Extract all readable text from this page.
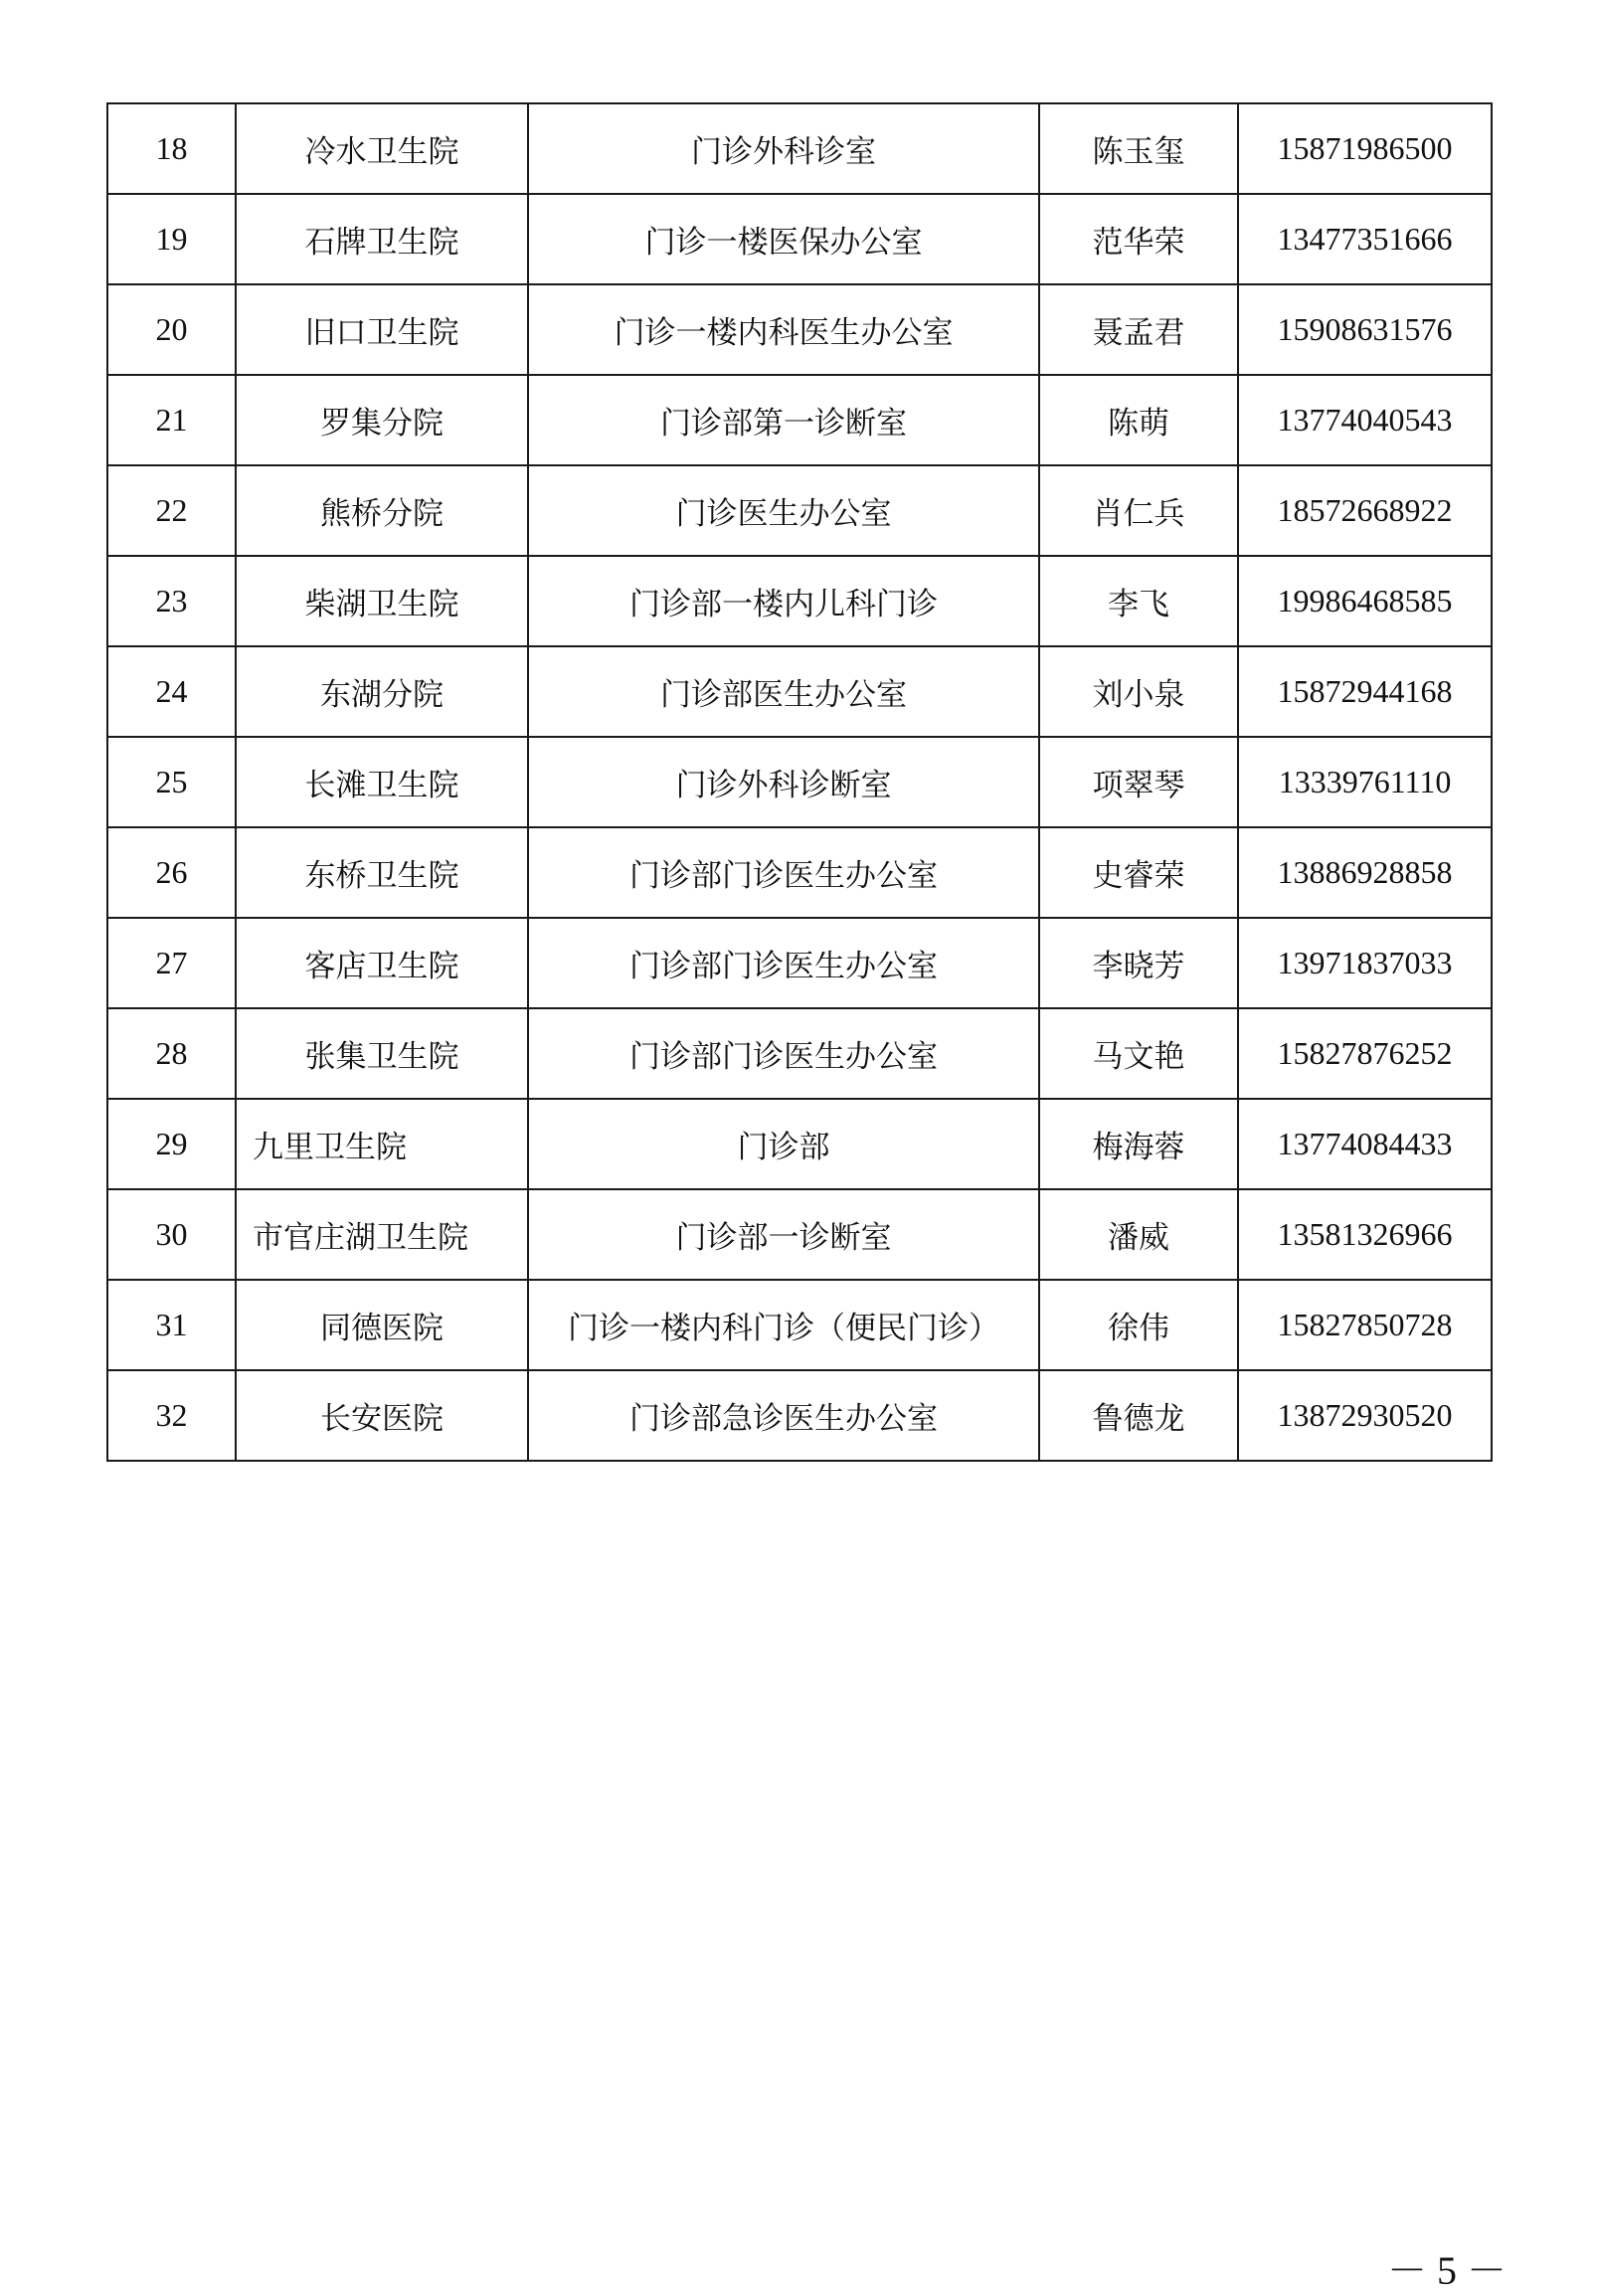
18	冷水卫生院	门诊外科诊室	陈玉玺	15871986500
19	石牌卫生院	门诊一楼医保办公室	范华荣	13477351666
20	旧口卫生院	门诊一楼内科医生办公室	聂孟君	15908631576
21	罗集分院	门诊部第一诊断室	陈萌	13774040543
22	熊桥分院	门诊医生办公室	肖仁兵	18572668922
23	柴湖卫生院	门诊部一楼内儿科门诊	李飞	19986468585
24	东湖分院	门诊部医生办公室	刘小泉	15872944168
25	长滩卫生院	门诊外科诊断室	项翠琴	13339761110
26	东桥卫生院	门诊部门诊医生办公室	史睿荣	13886928858
27	客店卫生院	门诊部门诊医生办公室	李晓芳	13971837033
28	张集卫生院	门诊部门诊医生办公室	马文艳	15827876252
29	九里卫生院	门诊部	梅海蓉	13774084433
30	市官庄湖卫生院	门诊部一诊断室	潘威	13581326966
31	同德医院	门诊一楼内科门诊（便民门诊）	徐伟	15827850728
32	长安医院	门诊部急诊医生办公室	鲁德龙	13872930520
－ 5 －
